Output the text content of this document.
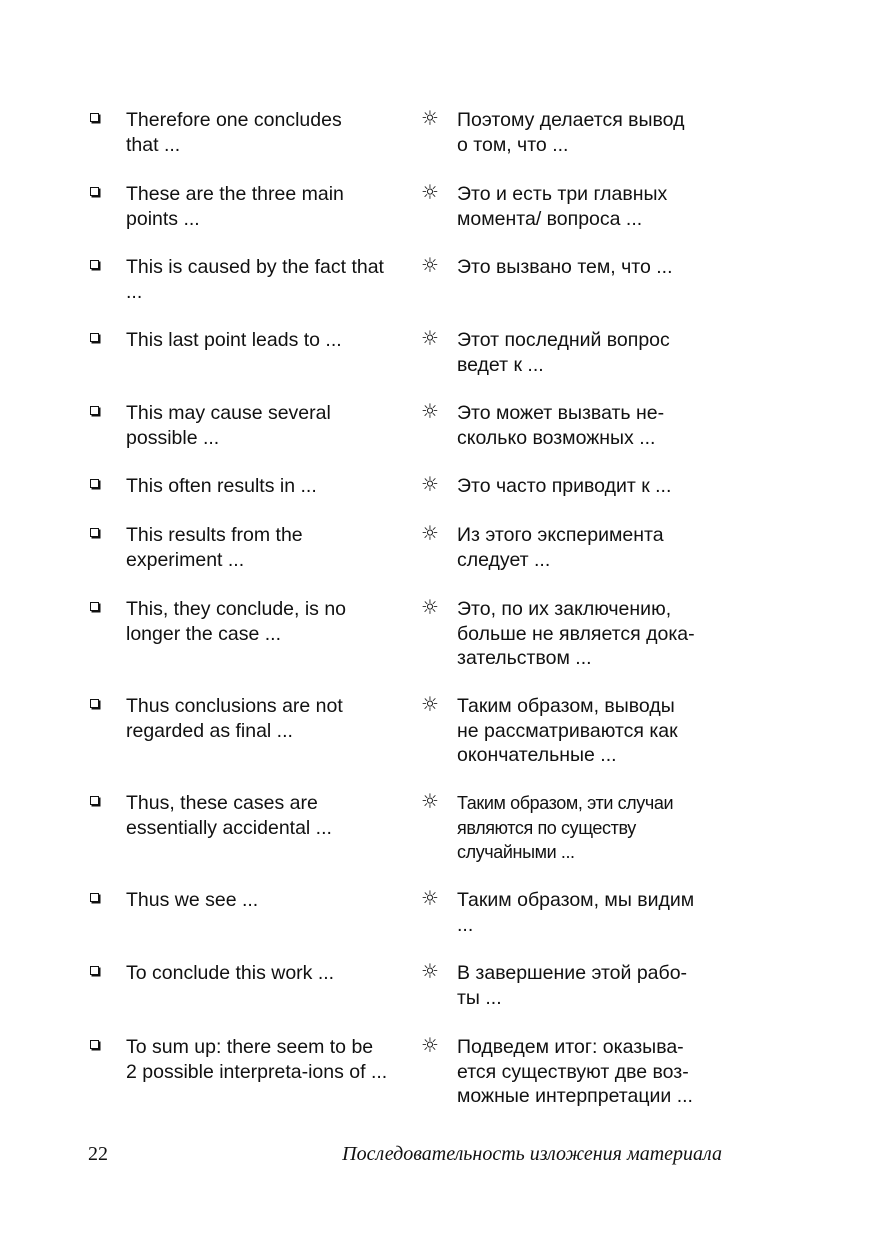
Therefore one concludes
that ...
☼ Поэтому делается вывод
о том, что ...
These are the three main
points ...
☼ Это и есть три главных
момента/ вопроса ...
This is caused by the fact that
...
☼ Это вызвано тем, что ...
This last point leads to ...	☼ Этот последний вопрос
ведет к ...
This may cause several
possible ...
☼ Это может вызвать не-
сколько возможных ...
This often results in ...	☼ Это часто приводит к ...
This results from the
experiment ...
☼ Из этого эксперимента
следует ...
This, they conclude, is no
longer the case ...
☼ Это, по их заключению,
больше не является дока-
зательством ...
Thus conclusions are not
regarded as final ...
☼ Таким образом, выводы
не рассматриваются как
окончательные ...
Thus, these cases are
essentially accidental ...
☼ Таким образом, эти случаи
являются по существу
случайными ...
Thus we see ...	☼ Таким образом, мы видим
...
To conclude this work ...	☼ В завершение этой рабо-
ты ...
To sum up: there seem to be
2 possible interpreta-ions of ...
☼ Подведем итог: оказыва-
ется существуют две воз-
можные интерпретации ...
22	Последовательность изложения материала
